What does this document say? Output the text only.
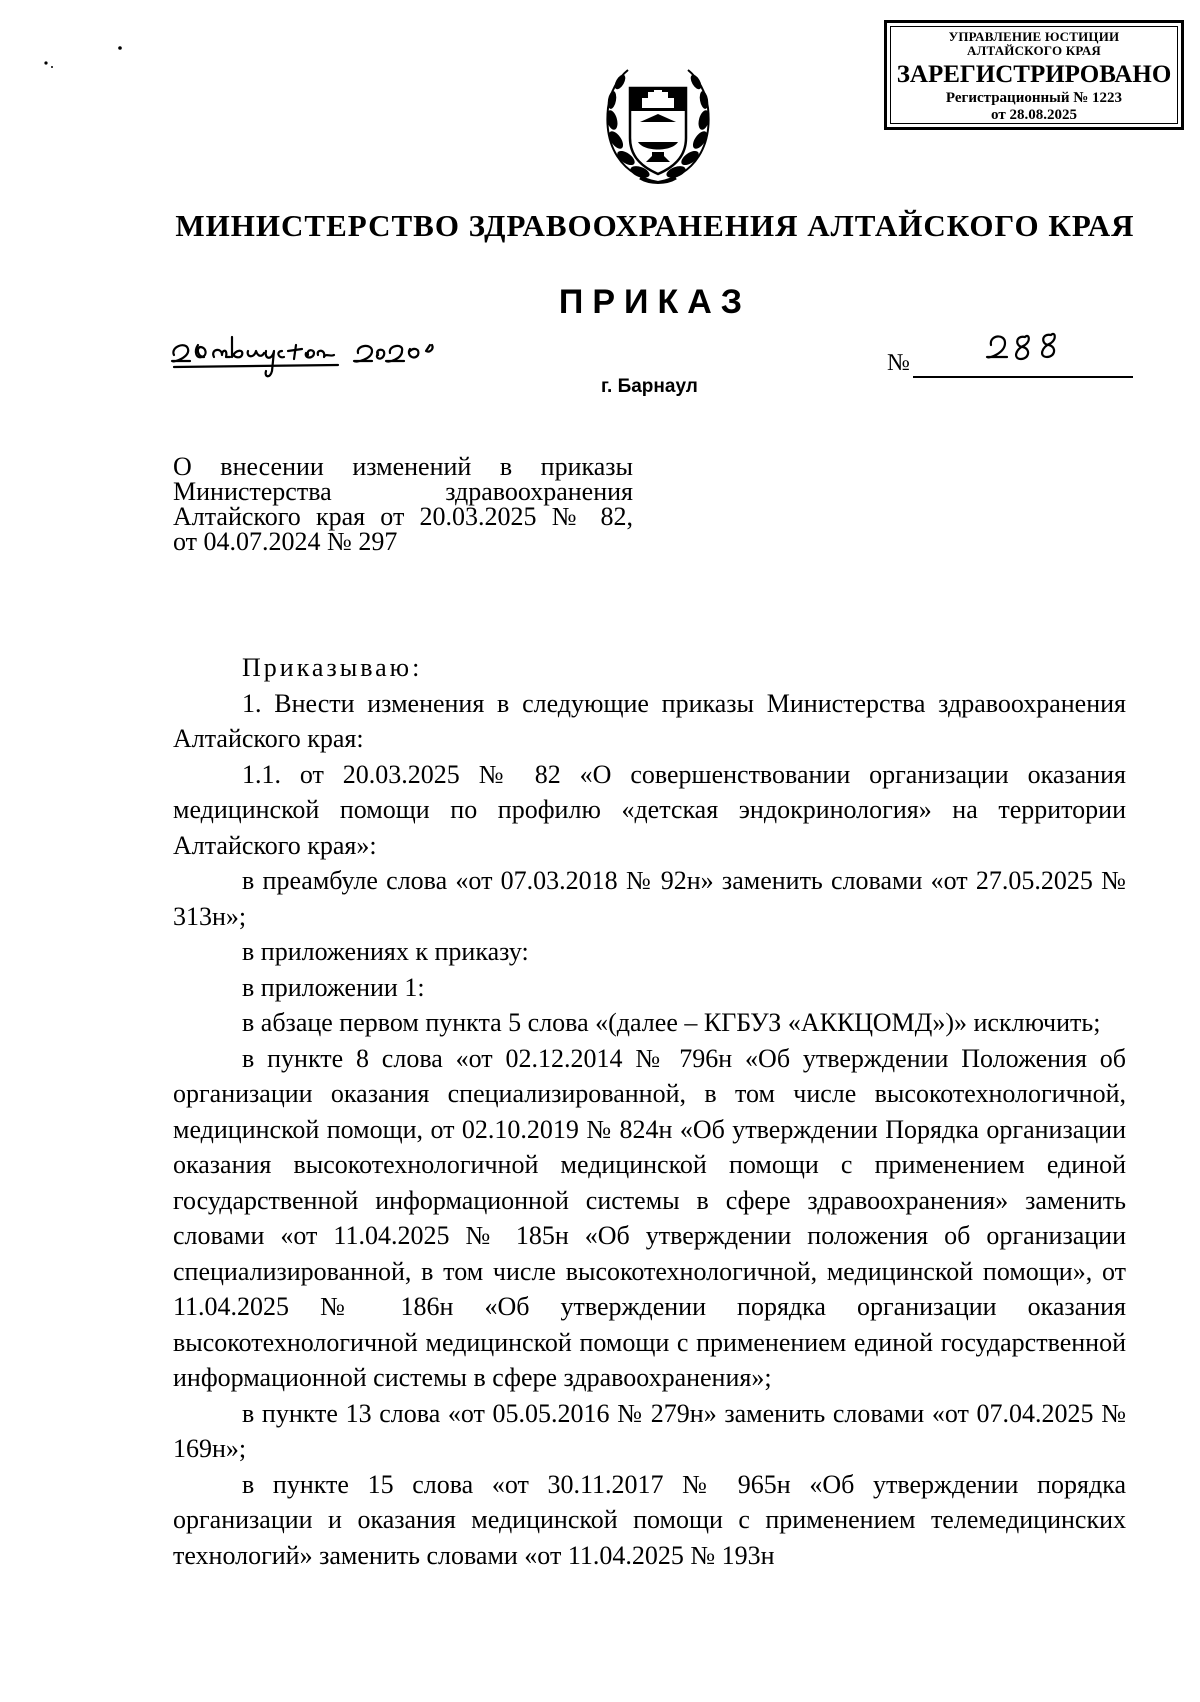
УПРАВЛЕНИЕ ЮСТИЦИИ
АЛТАЙСКОГО КРАЯ
ЗАРЕГИСТРИРОВАНО
Регистрационный № 1223
от 28.08.2025
МИНИСТЕРСТВО ЗДРАВООХРАНЕНИЯ АЛТАЙСКОГО КРАЯ
ПРИКАЗ
№
г. Барнаул
О внесении изменений в приказы
Министерства здравоохранения
Алтайского края от 20.03.2025 № 82,
от 04.07.2024 № 297
Приказываю:
1. Внести изменения в следующие приказы Министерства здравоохранения Алтайского края:
1.1. от 20.03.2025 № 82 «О совершенствовании организации оказания медицинской помощи по профилю «детская эндокринология» на территории Алтайского края»:
в преамбуле слова «от 07.03.2018 № 92н» заменить словами «от 27.05.2025 № 313н»;
в приложениях к приказу:
в приложении 1:
в абзаце первом пункта 5 слова «(далее – КГБУЗ «АККЦОМД»)» исключить;
в пункте 8 слова «от 02.12.2014 № 796н «Об утверждении Положения об организации оказания специализированной, в том числе высокотехнологичной, медицинской помощи, от 02.10.2019 № 824н «Об утверждении Порядка организации оказания высокотехнологичной медицинской помощи с применением единой государственной информационной системы в сфере здравоохранения» заменить словами «от 11.04.2025 № 185н «Об утверждении положения об организации специализированной, в том числе высокотехнологичной, медицинской помощи», от 11.04.2025 № 186н «Об утверждении порядка организации оказания высокотехнологичной медицинской помощи с применением единой государственной информационной системы в сфере здравоохранения»;
в пункте 13 слова «от 05.05.2016 № 279н» заменить словами «от 07.04.2025 № 169н»;
в пункте 15 слова «от 30.11.2017 № 965н «Об утверждении порядка организации и оказания медицинской помощи с применением телемедицинских технологий» заменить словами «от 11.04.2025 № 193н
